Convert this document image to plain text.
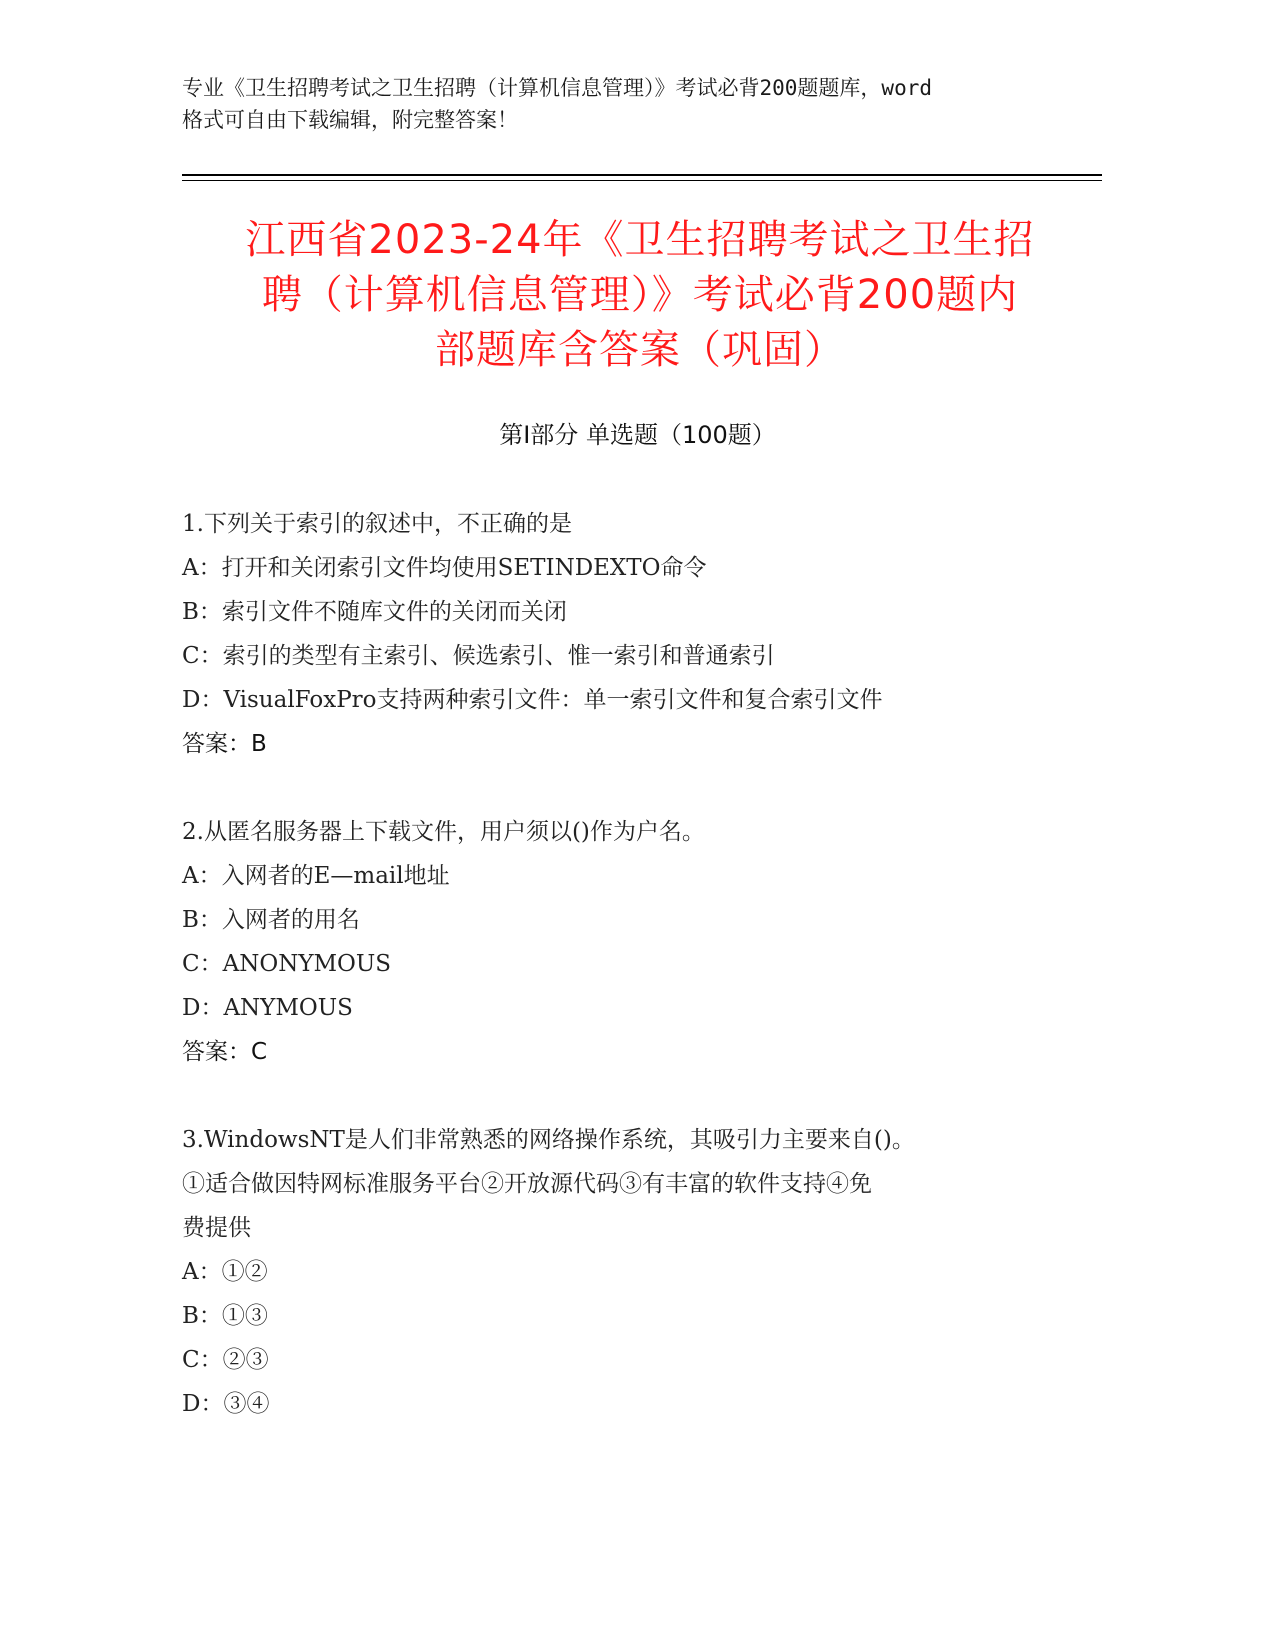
专业《卫生招聘考试之卫生招聘（计算机信息管理）》考试必背200题题库，word
格式可自由下载编辑，附完整答案！
江西省2023-24年《卫生招聘考试之卫生招
聘（计算机信息管理）》考试必背200题内
部题库含答案（巩固）
第Ⅰ部分 单选题（100题）
1.下列关于索引的叙述中，不正确的是
A：打开和关闭索引文件均使用SETINDEXTO命令
B：索引文件不随库文件的关闭而关闭
C：索引的类型有主索引、候选索引、惟一索引和普通索引
D：VisualFoxPro支持两种索引文件：单一索引文件和复合索引文件
答案：B
2.从匿名服务器上下载文件，用户须以()作为户名。
A：入网者的E—mail地址
B：入网者的用名
C：ANONYMOUS
D：ANYMOUS
答案：C
3.WindowsNT是人们非常熟悉的网络操作系统，其吸引力主要来自()。
①适合做因特网标准服务平台②开放源代码③有丰富的软件支持④免
费提供
A：①②
B：①③
C：②③
D：③④
